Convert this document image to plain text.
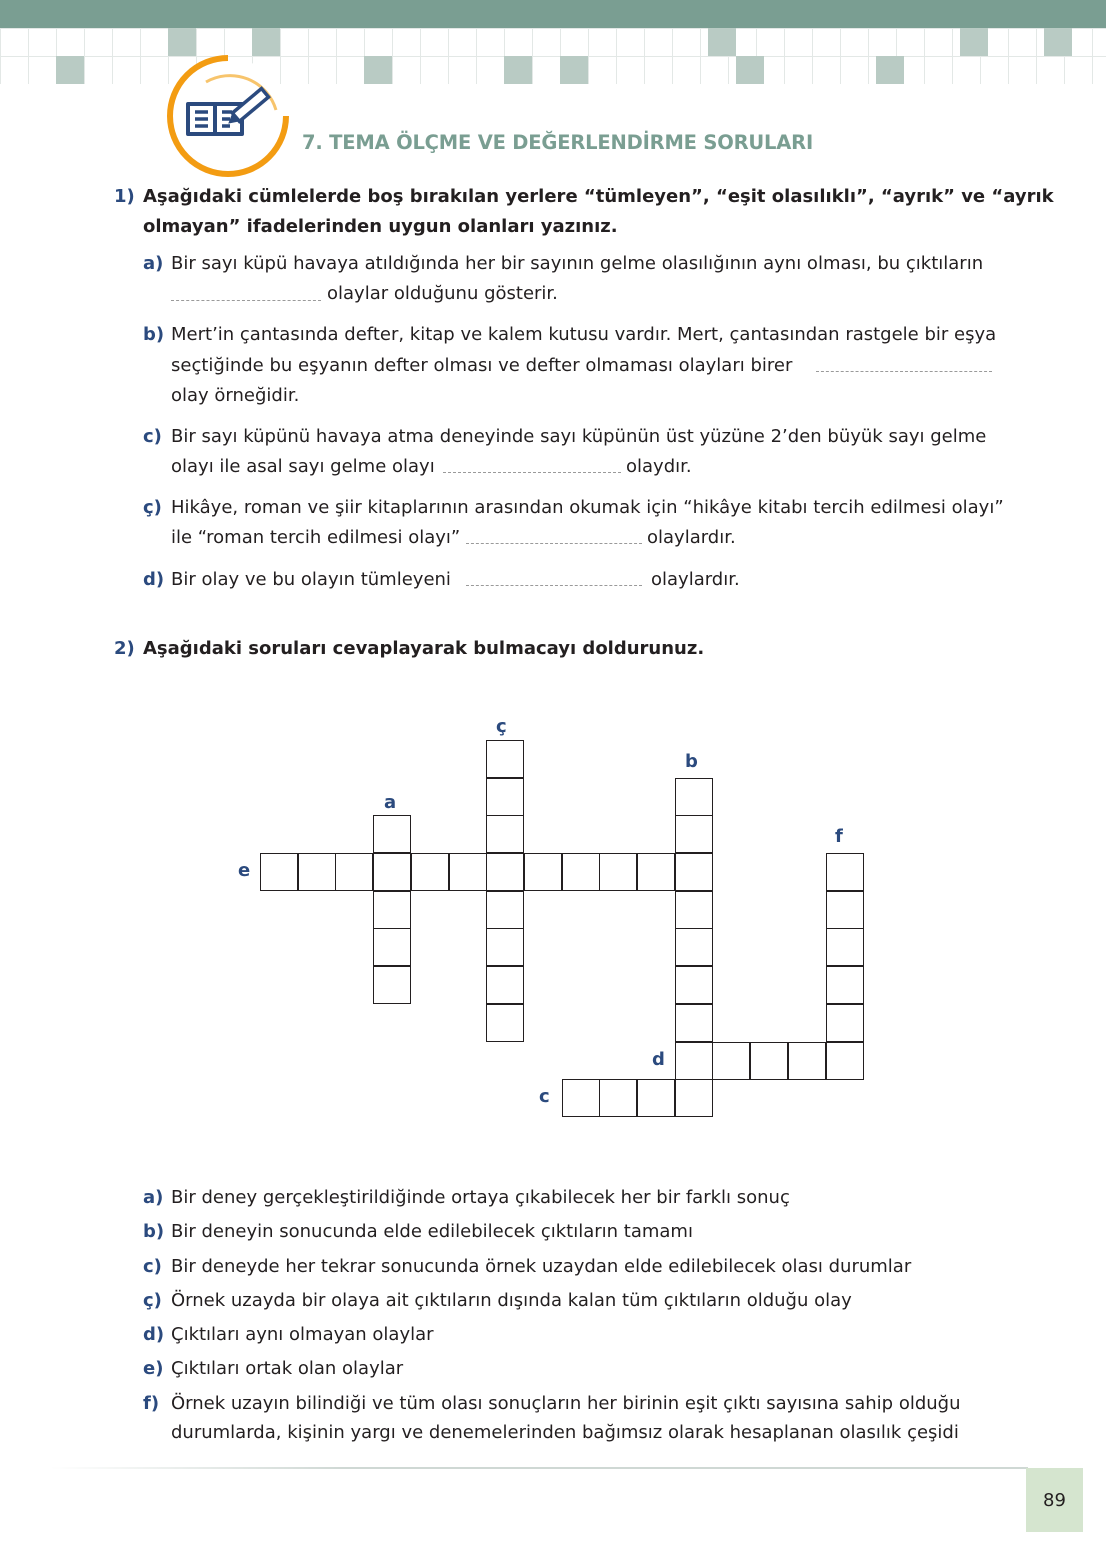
7. TEMA ÖLÇME VE DEĞERLENDİRME SORULARI
1) Aşağıdaki cümlelerde boş bırakılan yerlere “tümleyen”, “eşit olasılıklı”, “ayrık” ve “ayrık
olmayan” ifadelerinden uygun olanları yazınız.
a) Bir sayı küpü havaya atıldığında her bir sayının gelme olasılığının aynı olması, bu çıktıların
olaylar olduğunu gösterir.
b) Mert’in çantasında defter, kitap ve kalem kutusu vardır. Mert, çantasından rastgele bir eşya
seçtiğinde bu eşyanın defter olması ve defter olmaması olayları birer
olay örneğidir.
c) Bir sayı küpünü havaya atma deneyinde sayı küpünün üst yüzüne 2’den büyük sayı gelme
olayı ile asal sayı gelme olayı	olaydır.
ç) Hikâye, roman ve şiir kitaplarının arasından okumak için “hikâye kitabı tercih edilmesi olayı”
ile “roman tercih edilmesi olayı”	olaylardır.
d) Bir olay ve bu olayın tümleyeni	olaylardır.
2) Aşağıdaki soruları cevaplayarak bulmacayı doldurunuz.
ç
b
a
f
e
d
c
a) Bir deney gerçekleştirildiğinde ortaya çıkabilecek her bir farklı sonuç
b) Bir deneyin sonucunda elde edilebilecek çıktıların tamamı
c) Bir deneyde her tekrar sonucunda örnek uzaydan elde edilebilecek olası durumlar
ç) Örnek uzayda bir olaya ait çıktıların dışında kalan tüm çıktıların olduğu olay
d) Çıktıları aynı olmayan olaylar
e) Çıktıları ortak olan olaylar
f) Örnek uzayın bilindiği ve tüm olası sonuçların her birinin eşit çıktı sayısına sahip olduğu
durumlarda, kişinin yargı ve denemelerinden bağımsız olarak hesaplanan olasılık çeşidi
89
